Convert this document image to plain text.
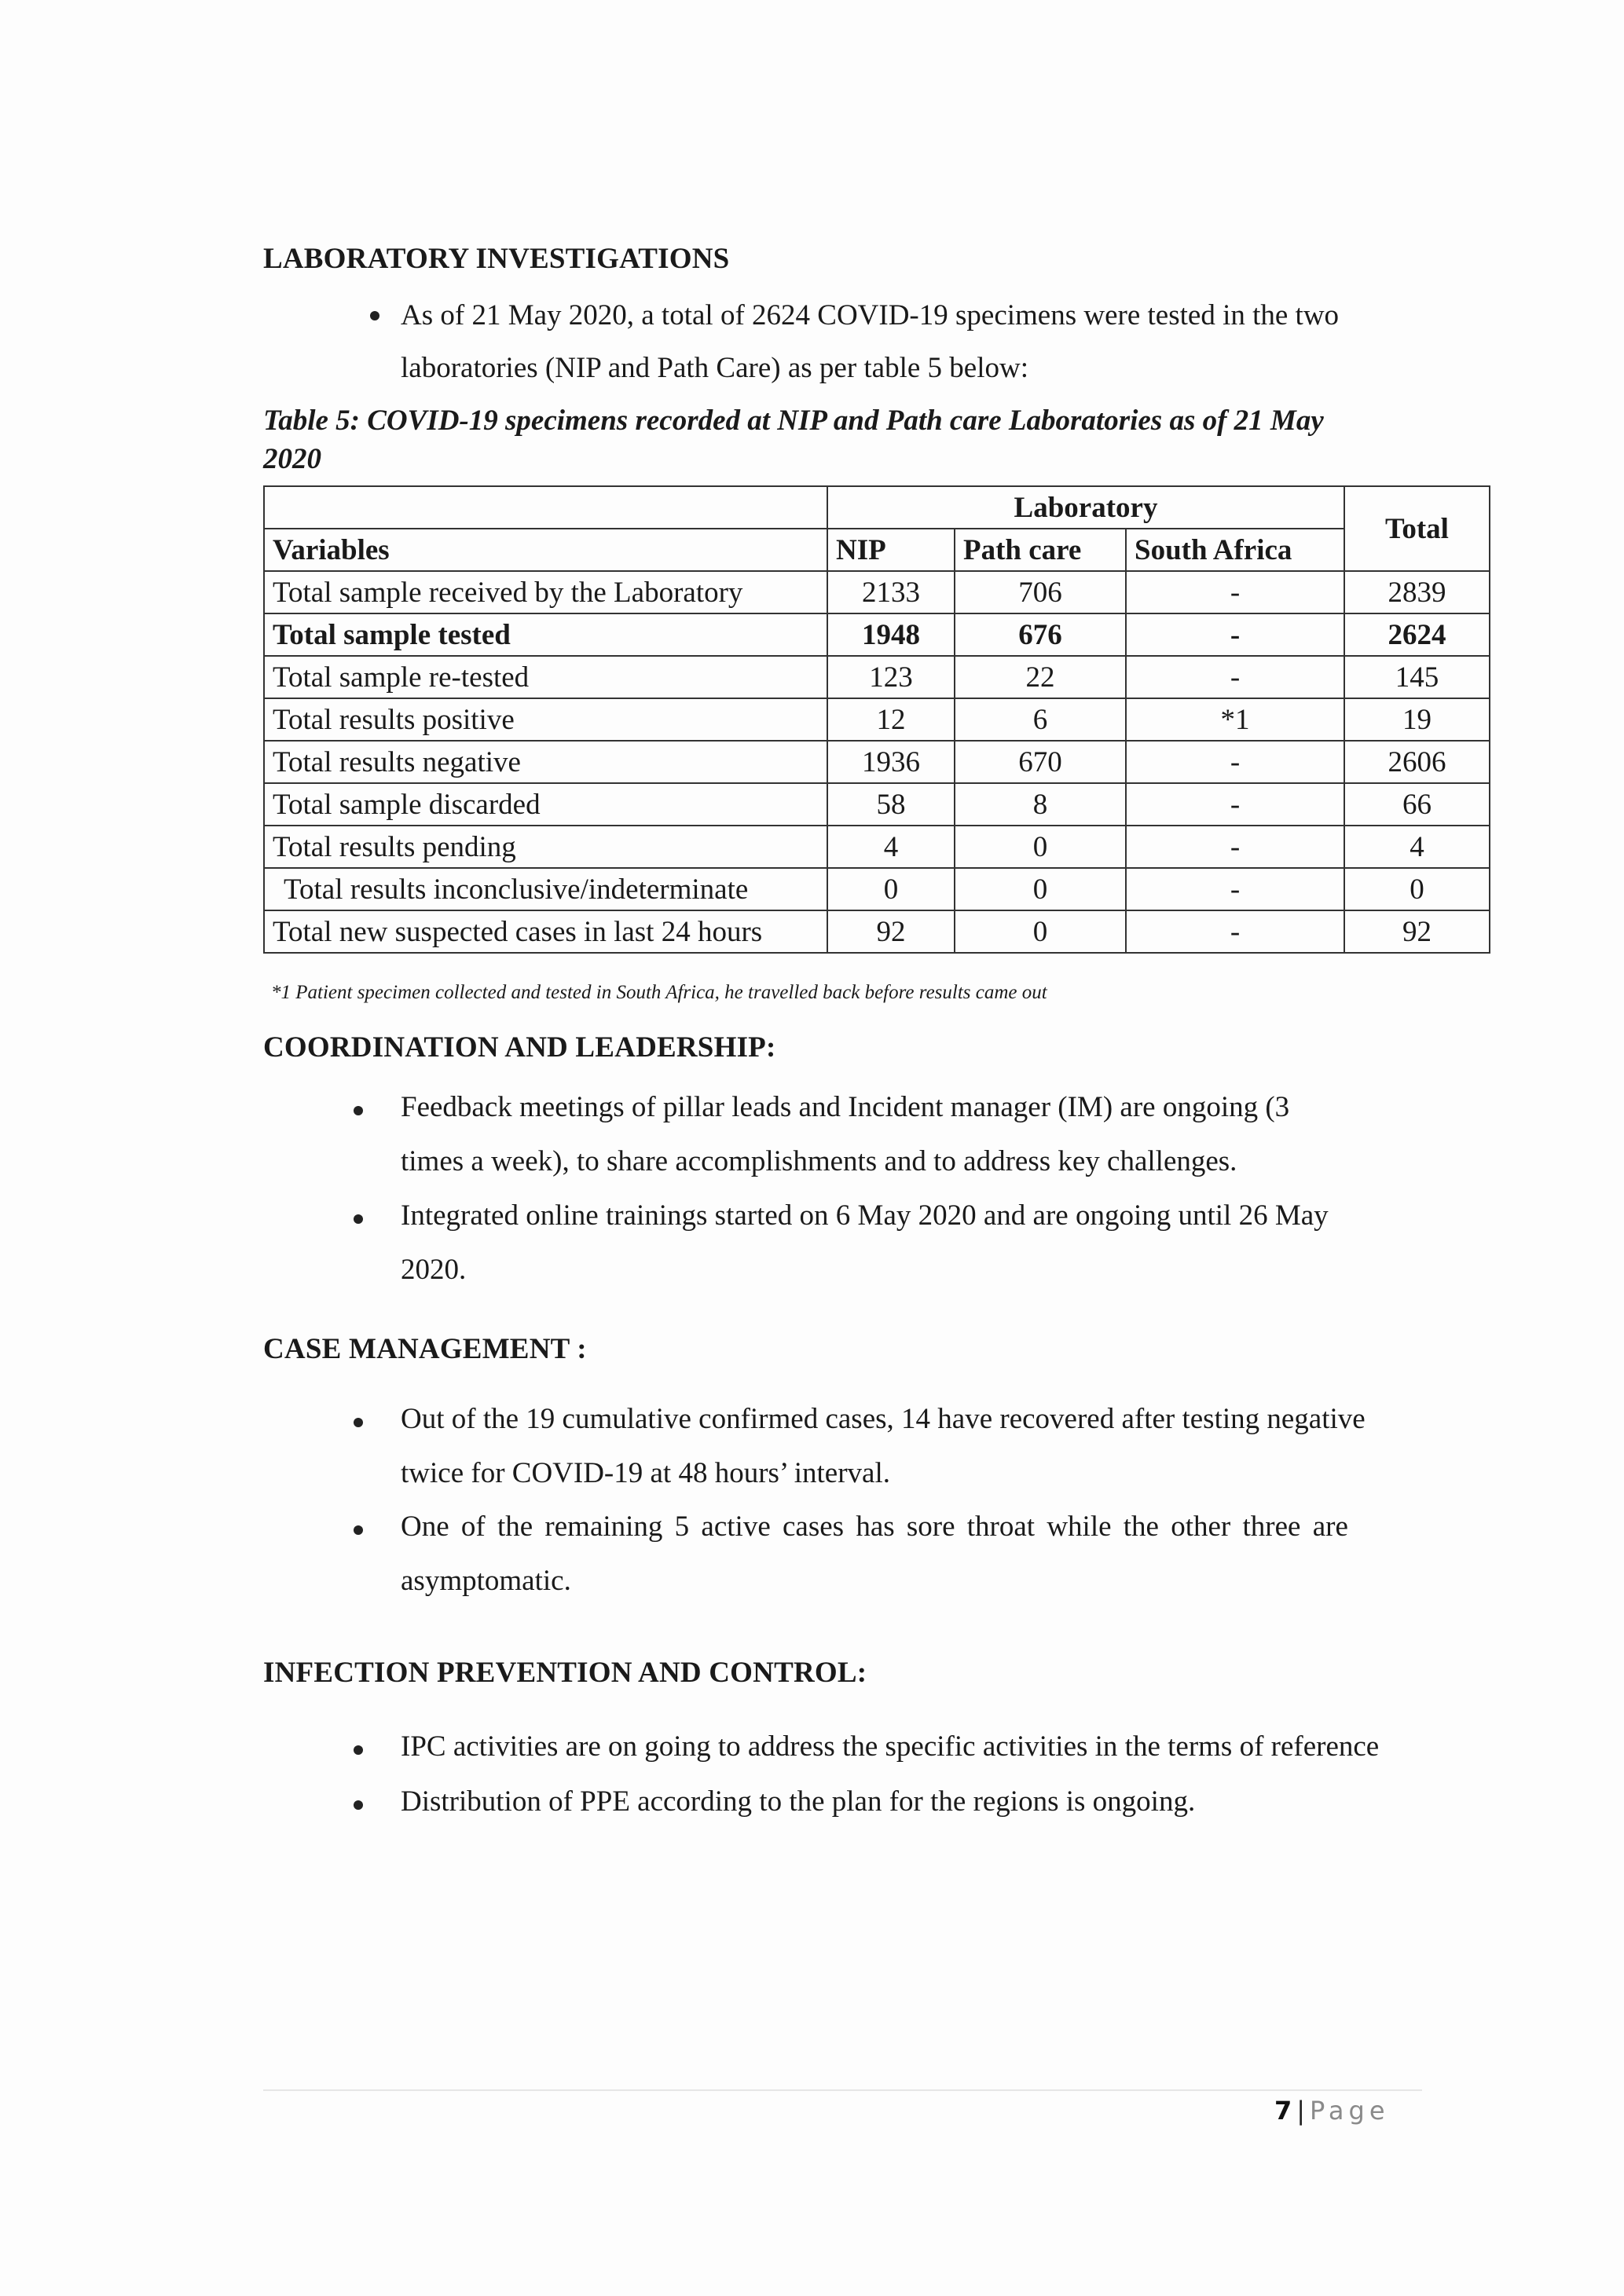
LABORATORY INVESTIGATIONS
As of 21 May 2020, a total of 2624 COVID-19 specimens were tested in the two
laboratories (NIP and Path Care) as per table 5 below:
Table 5: COVID-19 specimens recorded at NIP and Path care Laboratories as of 21 May
2020
	Laboratory			Total
Variables	NIP	Path care	South Africa	
Total sample received by the Laboratory	2133	706	-	2839
Total sample tested	1948	676	-	2624
Total sample re-tested	123	22	-	145
Total results positive	12	6	*1	19
Total results negative	1936	670	-	2606
Total sample discarded	58	8	-	66
Total results pending	4	0	-	4
Total results inconclusive/indeterminate	0	0	-	0
Total new suspected cases in last 24 hours	92	0	-	92
*1 Patient specimen collected and tested in South Africa, he travelled back before results came out
COORDINATION AND LEADERSHIP:
Feedback meetings of pillar leads and Incident manager (IM) are ongoing (3
times a week), to share accomplishments and to address key challenges.
Integrated online trainings started on 6 May 2020 and are ongoing until 26 May
2020.
CASE MANAGEMENT :
Out of the 19 cumulative confirmed cases, 14 have recovered after testing negative
twice for COVID-19 at 48 hours’ interval.
One of the remaining 5 active cases has sore throat while the other three are
asymptomatic.
INFECTION PREVENTION AND CONTROL:
IPC activities are on going to address the specific activities in the terms of reference
Distribution of PPE according to the plan for the regions is ongoing.
7 | Page
